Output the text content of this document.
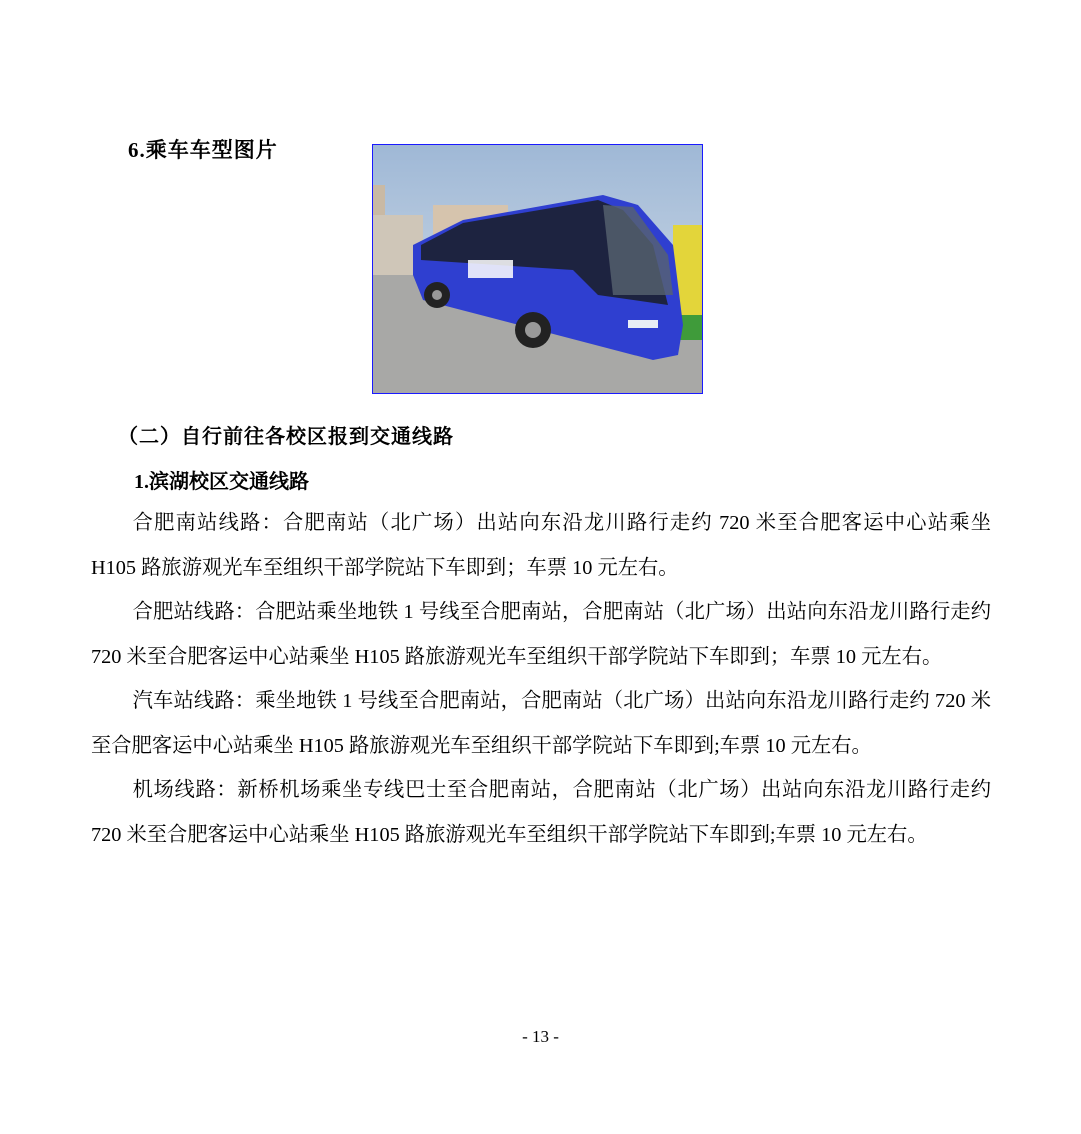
6.乘车车型图片
（二）自行前往各校区报到交通线路
1.滨湖校区交通线路

合肥南站线路：合肥南站（北广场）出站向东沿龙川路行走约 720 米至合肥客运中心站乘坐 H105 路旅游观光车至组织干部学院站下车即到；车票 10 元左右。

合肥站线路：合肥站乘坐地铁 1 号线至合肥南站，合肥南站（北广场）出站向东沿龙川路行走约 720 米至合肥客运中心站乘坐 H105 路旅游观光车至组织干部学院站下车即到；车票 10 元左右。

汽车站线路：乘坐地铁 1 号线至合肥南站，合肥南站（北广场）出站向东沿龙川路行走约 720 米至合肥客运中心站乘坐 H105 路旅游观光车至组织干部学院站下车即到;车票 10 元左右。

机场线路：新桥机场乘坐专线巴士至合肥南站，合肥南站（北广场）出站向东沿龙川路行走约 720 米至合肥客运中心站乘坐 H105 路旅游观光车至组织干部学院站下车即到;车票 10 元左右。

- 13 -
